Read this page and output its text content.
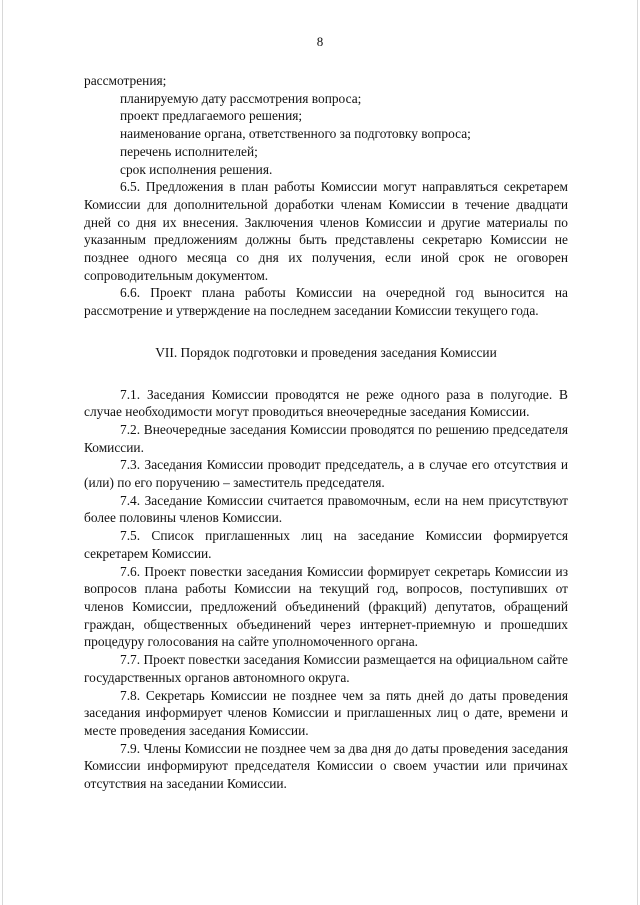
8

рассмотрения;

планируемую дату рассмотрения вопроса;

проект предлагаемого решения;

наименование органа, ответственного за подготовку вопроса;

перечень исполнителей;

срок исполнения решения.

6.5. Предложения в план работы Комиссии могут направляться секретарем Комиссии для дополнительной доработки членам Комиссии в течение двадцати дней со дня их внесения. Заключения членов Комиссии и другие материалы по указанным предложениям должны быть представлены секретарю Комиссии не позднее одного месяца со дня их получения, если иной срок не оговорен сопроводительным документом.

6.6. Проект плана работы Комиссии на очередной год выносится на рассмотрение и утверждение на последнем заседании Комиссии текущего года.

VII. Порядок подготовки и проведения заседания Комиссии

7.1. Заседания Комиссии проводятся не реже одного раза в полугодие. В случае необходимости могут проводиться внеочередные заседания Комиссии.

7.2. Внеочередные заседания Комиссии проводятся по решению председателя Комиссии.

7.3. Заседания Комиссии проводит председатель, а в случае его отсутствия и (или) по его поручению – заместитель председателя.

7.4. Заседание Комиссии считается правомочным, если на нем присутствуют более половины членов Комиссии.

7.5. Список приглашенных лиц на заседание Комиссии формируется секретарем Комиссии.

7.6. Проект повестки заседания Комиссии формирует секретарь Комиссии из вопросов плана работы Комиссии на текущий год, вопросов, поступивших от членов Комиссии, предложений объединений (фракций) депутатов, обращений граждан, общественных объединений через интернет-приемную и прошедших процедуру голосования на сайте уполномоченного органа.

7.7. Проект повестки заседания Комиссии размещается на официальном сайте государственных органов автономного округа.

7.8. Секретарь Комиссии не позднее чем за пять дней до даты проведения заседания информирует членов Комиссии и приглашенных лиц о дате, времени и месте проведения заседания Комиссии.

7.9. Члены Комиссии не позднее чем за два дня до даты проведения заседания Комиссии информируют председателя Комиссии о своем участии или причинах отсутствия на заседании Комиссии.
